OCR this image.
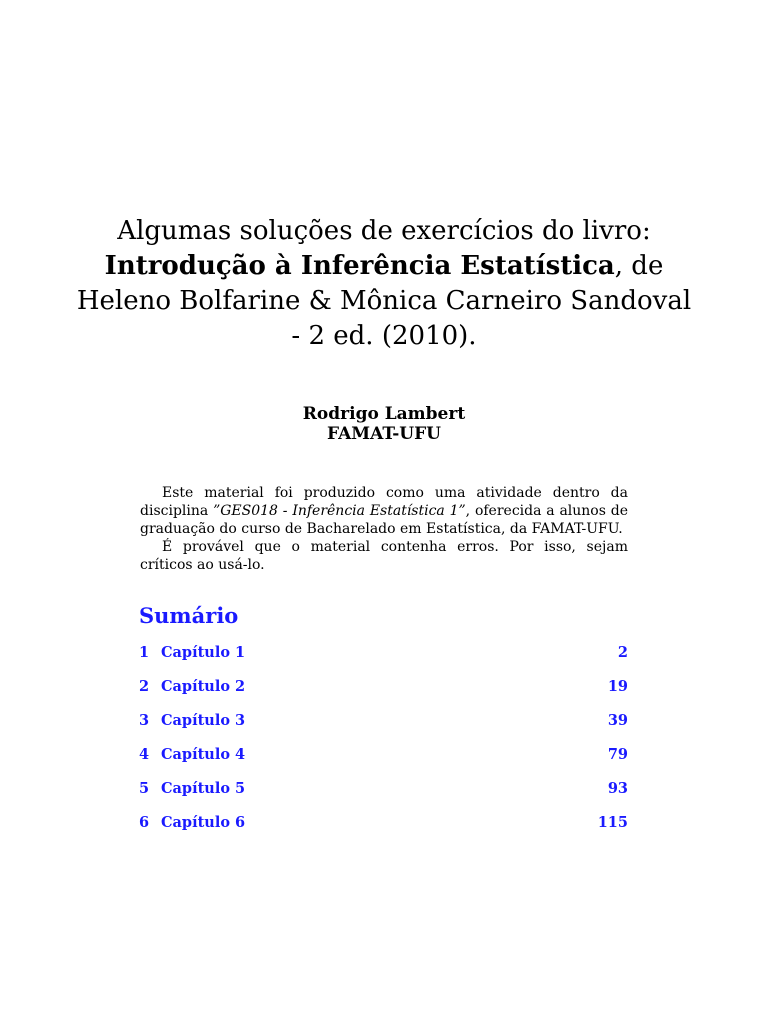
Algumas soluções de exercícios do livro:
Introdução à Inferência Estatística, de
Heleno Bolfarine & Mônica Carneiro Sandoval
- 2 ed. (2010).
Rodrigo Lambert
FAMAT-UFU

Este material foi produzido como uma atividade dentro da disciplina ”GES018 - Inferência Estatística 1”, oferecida a alunos de graduação do curso de Bacharelado em Estatística, da FAMAT-UFU.

É provável que o material contenha erros. Por isso, sejam críticos ao usá-lo.

Sumário
1 Capítulo 1	2
2 Capítulo 2	19
3 Capítulo 3	39
4 Capítulo 4	79
5 Capítulo 5	93
6 Capítulo 6	115
